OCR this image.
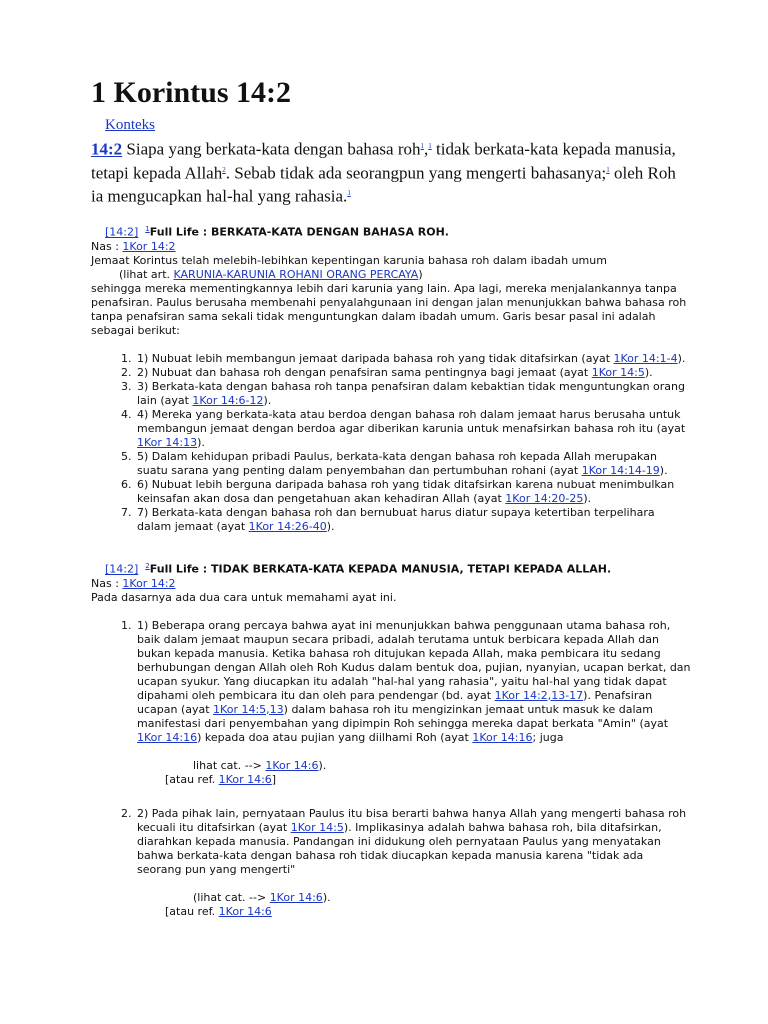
1 Korintus 14:2
Konteks
14:2 Siapa yang berkata-kata dengan bahasa roh$^1$,$^1$ tidak berkata-kata kepada manusia, tetapi kepada Allah$^2$. Sebab tidak ada seorangpun yang mengerti bahasanya;$^1$ oleh Roh ia mengucapkan hal-hal yang rahasia.$^1$

[14:2] $^1$Full Life : BERKATA-KATA DENGAN BAHASA ROH.

Nas : 1Kor 14:2

Jemaat Korintus telah melebih-lebihkan kepentingan karunia bahasa roh dalam ibadah umum

(lihat art. KARUNIA-KARUNIA ROHANI ORANG PERCAYA)

sehingga mereka mementingkannya lebih dari karunia yang lain. Apa lagi, mereka menjalankannya tanpa penafsiran. Paulus berusaha membenahi penyalahgunaan ini dengan jalan menunjukkan bahwa bahasa roh tanpa penafsiran sama sekali tidak menguntungkan dalam ibadah umum. Garis besar pasal ini adalah sebagai berikut:

1. 1) Nubuat lebih membangun jemaat daripada bahasa roh yang tidak ditafsirkan (ayat 1Kor 14:1-4).
2. 2) Nubuat dan bahasa roh dengan penafsiran sama pentingnya bagi jemaat (ayat 1Kor 14:5).
3. 3) Berkata-kata dengan bahasa roh tanpa penafsiran dalam kebaktian tidak menguntungkan orang lain (ayat 1Kor 14:6-12).
4. 4) Mereka yang berkata-kata atau berdoa dengan bahasa roh dalam jemaat harus berusaha untuk membangun jemaat dengan berdoa agar diberikan karunia untuk menafsirkan bahasa roh itu (ayat 1Kor 14:13).
5. 5) Dalam kehidupan pribadi Paulus, berkata-kata dengan bahasa roh kepada Allah merupakan suatu sarana yang penting dalam penyembahan dan pertumbuhan rohani (ayat 1Kor 14:14-19).
6. 6) Nubuat lebih berguna daripada bahasa roh yang tidak ditafsirkan karena nubuat menimbulkan keinsafan akan dosa dan pengetahuan akan kehadiran Allah (ayat 1Kor 14:20-25).
7. 7) Berkata-kata dengan bahasa roh dan bernubuat harus diatur supaya ketertiban terpelihara dalam jemaat (ayat 1Kor 14:26-40).

[14:2] $^2$Full Life : TIDAK BERKATA-KATA KEPADA MANUSIA, TETAPI KEPADA ALLAH.

Nas : 1Kor 14:2

Pada dasarnya ada dua cara untuk memahami ayat ini.

1. 1) Beberapa orang percaya bahwa ayat ini menunjukkan bahwa penggunaan utama bahasa roh, baik dalam jemaat maupun secara pribadi, adalah terutama untuk berbicara kepada Allah dan bukan kepada manusia. Ketika bahasa roh ditujukan kepada Allah, maka pembicara itu sedang berhubungan dengan Allah oleh Roh Kudus dalam bentuk doa, pujian, nyanyian, ucapan berkat, dan ucapan syukur. Yang diucapkan itu adalah "hal-hal yang rahasia", yaitu hal-hal yang tidak dapat dipahami oleh pembicara itu dan oleh para pendengar (bd. ayat 1Kor 14:2,13-17). Penafsiran ucapan (ayat 1Kor 14:5,13) dalam bahasa roh itu mengizinkan jemaat untuk masuk ke dalam manifestasi dari penyembahan yang dipimpin Roh sehingga mereka dapat berkata "Amin" (ayat 1Kor 14:16) kepada doa atau pujian yang diilhami Roh (ayat 1Kor 14:16; juga

lihat cat. --> 1Kor 14:6).

[atau ref. 1Kor 14:6]

2. 2) Pada pihak lain, pernyataan Paulus itu bisa berarti bahwa hanya Allah yang mengerti bahasa roh kecuali itu ditafsirkan (ayat 1Kor 14:5). Implikasinya adalah bahwa bahasa roh, bila ditafsirkan, diarahkan kepada manusia. Pandangan ini didukung oleh pernyataan Paulus yang menyatakan bahwa berkata-kata dengan bahasa roh tidak diucapkan kepada manusia karena "tidak ada seorang pun yang mengerti"

(lihat cat. --> 1Kor 14:6).

[atau ref. 1Kor 14:6
